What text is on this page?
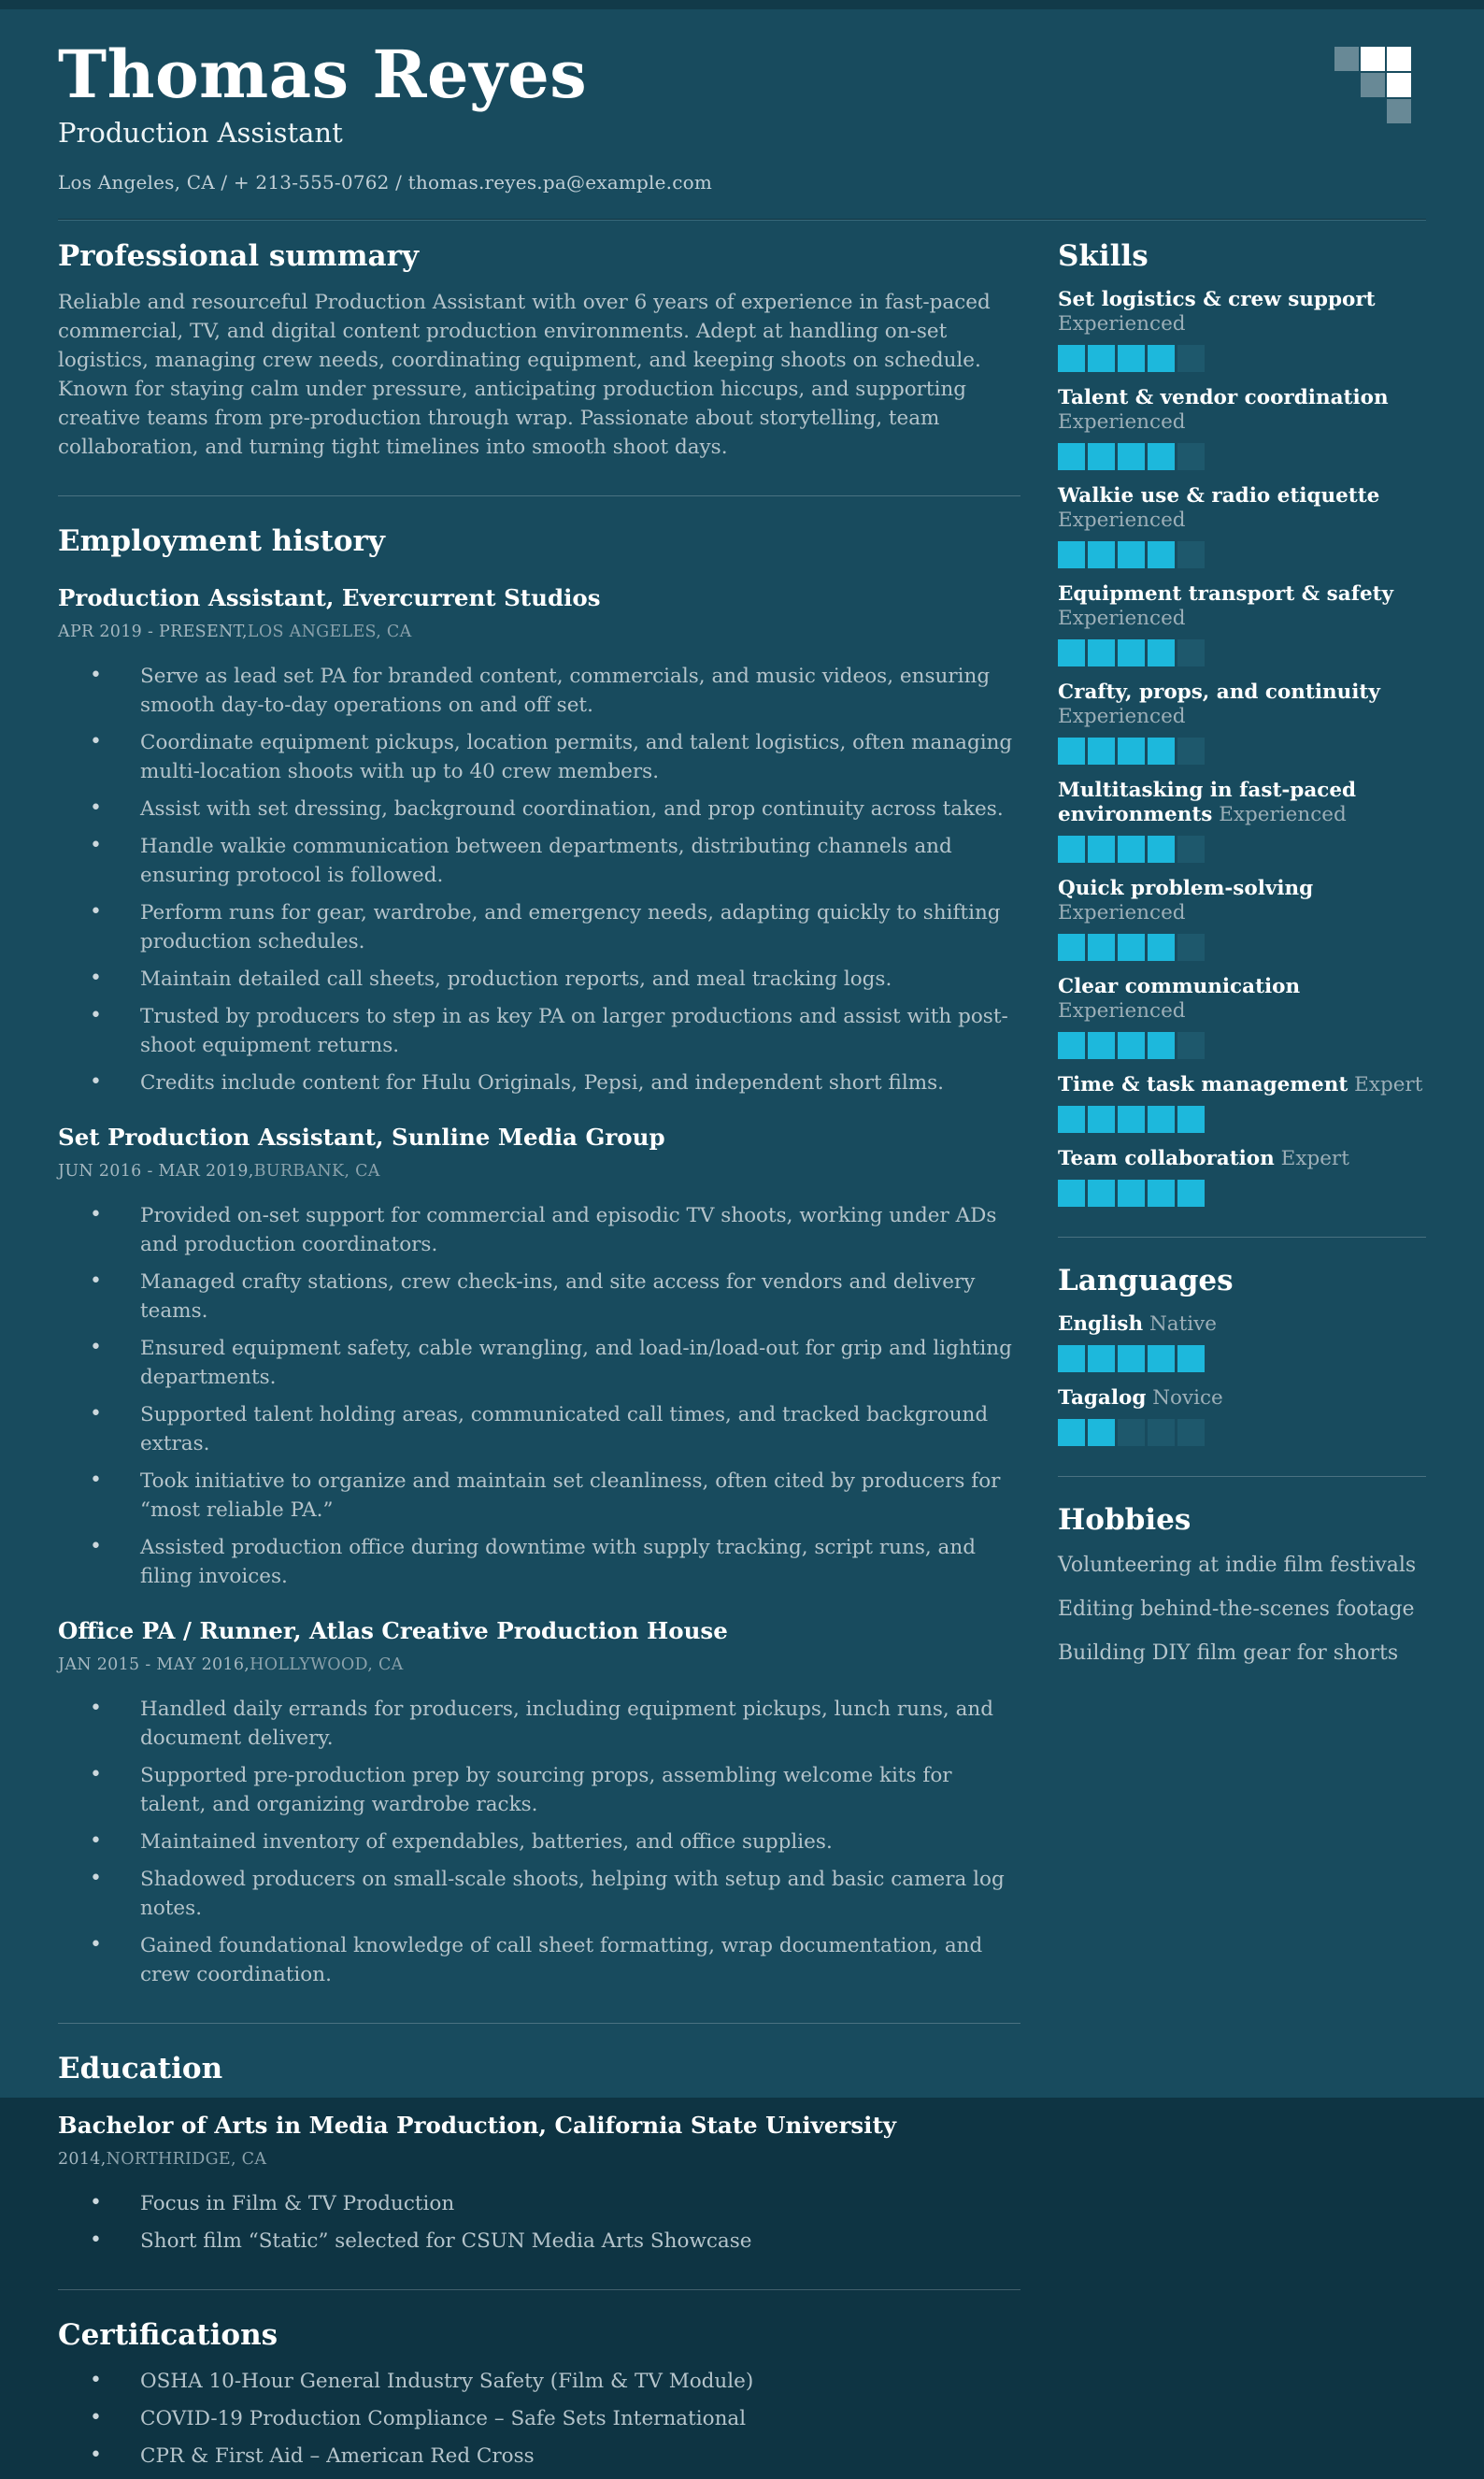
Thomas Reyes
Production Assistant
Los Angeles, CA / + 213-555-0762 / thomas.reyes.pa@example.com
Professional summary

Reliable and resourceful Production Assistant with over 6 years of experience in fast-paced commercial, TV, and digital content production environments. Adept at handling on-set logistics, managing crew needs, coordinating equipment, and keeping shoots on schedule. Known for staying calm under pressure, anticipating production hiccups, and supporting creative teams from pre-production through wrap. Passionate about storytelling, team collaboration, and turning tight timelines into smooth shoot days.

Employment history
Production Assistant, Evercurrent Studios
APR 2019 - PRESENT,LOS ANGELES, CA
• Serve as lead set PA for branded content, commercials, and music videos, ensuring smooth day-to-day operations on and off set.
• Coordinate equipment pickups, location permits, and talent logistics, often managing multi-location shoots with up to 40 crew members.
• Assist with set dressing, background coordination, and prop continuity across takes.
• Handle walkie communication between departments, distributing channels and ensuring protocol is followed.
• Perform runs for gear, wardrobe, and emergency needs, adapting quickly to shifting production schedules.
• Maintain detailed call sheets, production reports, and meal tracking logs.
• Trusted by producers to step in as key PA on larger productions and assist with post-shoot equipment returns.
• Credits include content for Hulu Originals, Pepsi, and independent short films.
Set Production Assistant, Sunline Media Group
JUN 2016 - MAR 2019,BURBANK, CA
• Provided on-set support for commercial and episodic TV shoots, working under ADs and production coordinators.
• Managed crafty stations, crew check-ins, and site access for vendors and delivery teams.
• Ensured equipment safety, cable wrangling, and load-in/load-out for grip and lighting departments.
• Supported talent holding areas, communicated call times, and tracked background extras.
• Took initiative to organize and maintain set cleanliness, often cited by producers for “most reliable PA.”
• Assisted production office during downtime with supply tracking, script runs, and filing invoices.
Office PA / Runner, Atlas Creative Production House
JAN 2015 - MAY 2016,HOLLYWOOD, CA
• Handled daily errands for producers, including equipment pickups, lunch runs, and document delivery.
• Supported pre-production prep by sourcing props, assembling welcome kits for talent, and organizing wardrobe racks.
• Maintained inventory of expendables, batteries, and office supplies.
• Shadowed producers on small-scale shoots, helping with setup and basic camera log notes.
• Gained foundational knowledge of call sheet formatting, wrap documentation, and crew coordination.
Education
Bachelor of Arts in Media Production, California State University
2014,NORTHRIDGE, CA
• Focus in Film & TV Production
• Short film “Static” selected for CSUN Media Arts Showcase
Certifications
• OSHA 10-Hour General Industry Safety (Film & TV Module)
• COVID-19 Production Compliance – Safe Sets International
• CPR & First Aid – American Red Cross
Skills
Set logistics & crew support Experienced
Talent & vendor coordination Experienced
Walkie use & radio etiquette Experienced
Equipment transport & safety Experienced
Crafty, props, and continuity Experienced
Multitasking in fast-paced environments Experienced
Quick problem-solving Experienced
Clear communication Experienced
Time & task management Expert
Team collaboration Expert
Languages
English Native
Tagalog Novice
Hobbies
Volunteering at indie film festivals
Editing behind-the-scenes footage
Building DIY film gear for shorts
